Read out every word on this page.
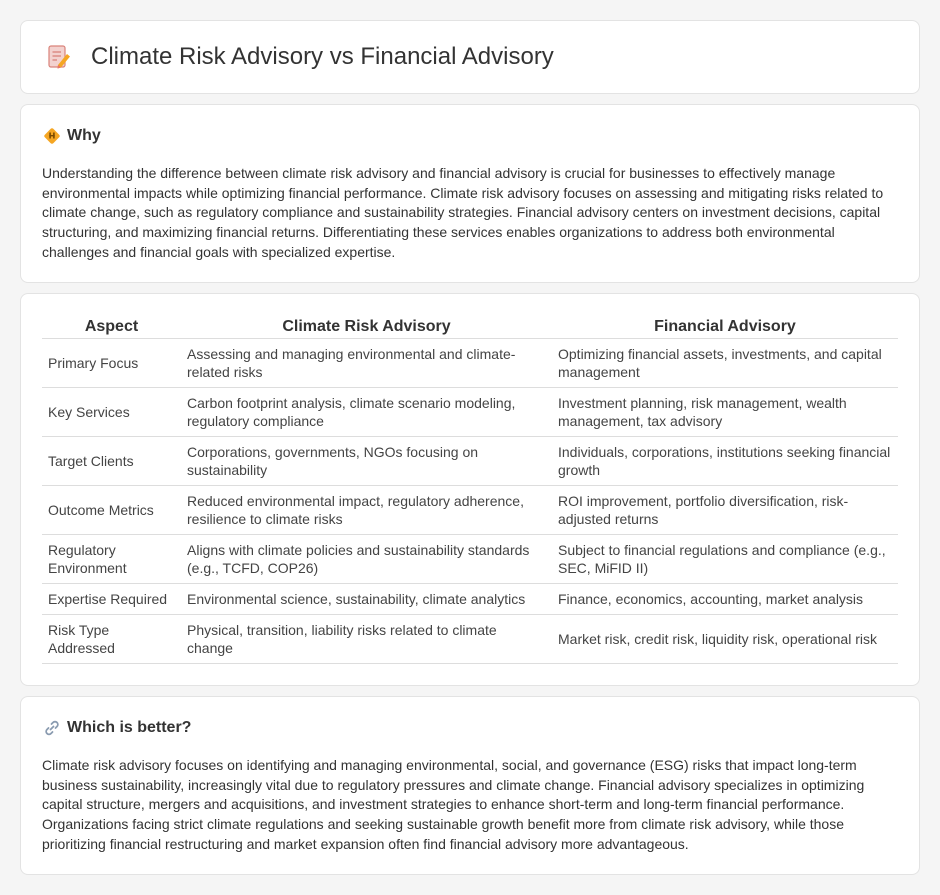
Climate Risk Advisory vs Financial Advisory
Why

Understanding the difference between climate risk advisory and financial advisory is crucial for businesses to effectively manage environmental impacts while optimizing financial performance. Climate risk advisory focuses on assessing and mitigating risks related to climate change, such as regulatory compliance and sustainability strategies. Financial advisory centers on investment decisions, capital structuring, and maximizing financial returns. Differentiating these services enables organizations to address both environmental challenges and financial goals with specialized expertise.

Aspect	Climate Risk Advisory	Financial Advisory
Primary Focus	Assessing and managing environmental and climate-related risks	Optimizing financial assets, investments, and capital management
Key Services	Carbon footprint analysis, climate scenario modeling, regulatory compliance	Investment planning, risk management, wealth management, tax advisory
Target Clients	Corporations, governments, NGOs focusing on sustainability	Individuals, corporations, institutions seeking financial growth
Outcome Metrics	Reduced environmental impact, regulatory adherence, resilience to climate risks	ROI improvement, portfolio diversification, risk-adjusted returns
Regulatory Environment	Aligns with climate policies and sustainability standards (e.g., TCFD, COP26)	Subject to financial regulations and compliance (e.g., SEC, MiFID II)
Expertise Required	Environmental science, sustainability, climate analytics	Finance, economics, accounting, market analysis
Risk Type Addressed	Physical, transition, liability risks related to climate change	Market risk, credit risk, liquidity risk, operational risk
Which is better?

Climate risk advisory focuses on identifying and managing environmental, social, and governance (ESG) risks that impact long-term business sustainability, increasingly vital due to regulatory pressures and climate change. Financial advisory specializes in optimizing capital structure, mergers and acquisitions, and investment strategies to enhance short-term and long-term financial performance. Organizations facing strict climate regulations and seeking sustainable growth benefit more from climate risk advisory, while those prioritizing financial restructuring and market expansion often find financial advisory more advantageous.
